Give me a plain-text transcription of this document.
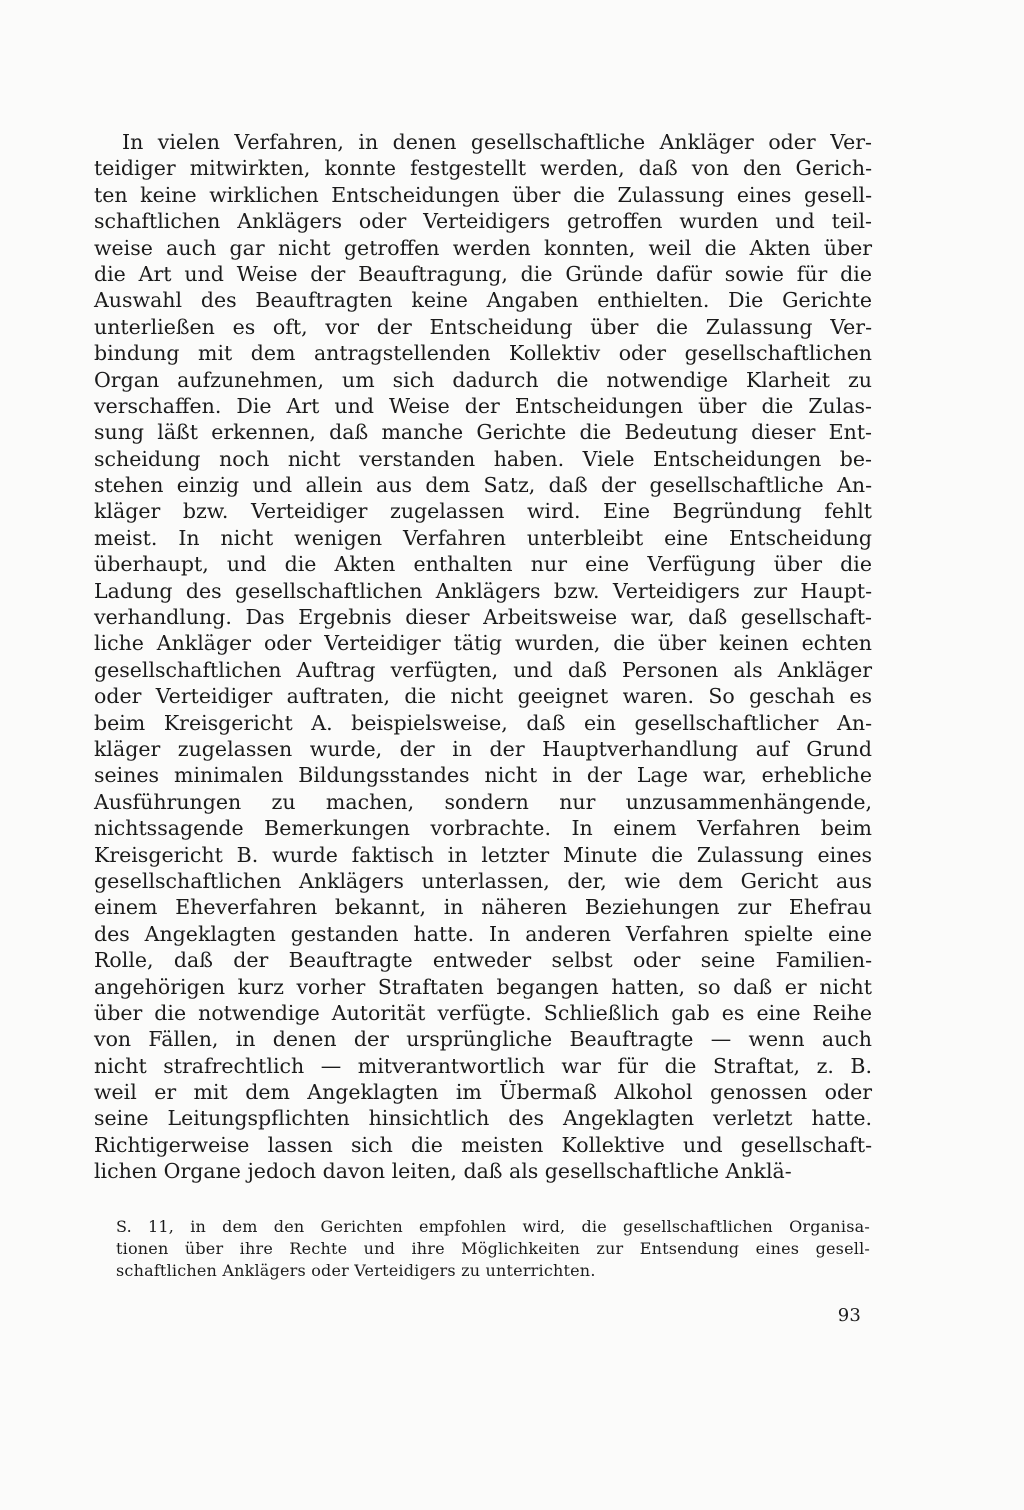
In vielen Verfahren, in denen gesellschaftliche Ankläger oder Ver-
teidiger mitwirkten, konnte festgestellt werden, daß von den Gerich-
ten keine wirklichen Entscheidungen über die Zulassung eines gesell-
schaftlichen Anklägers oder Verteidigers getroffen wurden und teil-
weise auch gar nicht getroffen werden konnten, weil die Akten über
die Art und Weise der Beauftragung, die Gründe dafür sowie für die
Auswahl des Beauftragten keine Angaben enthielten. Die Gerichte
unterließen es oft, vor der Entscheidung über die Zulassung Ver-
bindung mit dem antragstellenden Kollektiv oder gesellschaftlichen
Organ aufzunehmen, um sich dadurch die notwendige Klarheit zu
verschaffen. Die Art und Weise der Entscheidungen über die Zulas-
sung läßt erkennen, daß manche Gerichte die Bedeutung dieser Ent-
scheidung noch nicht verstanden haben. Viele Entscheidungen be-
stehen einzig und allein aus dem Satz, daß der gesellschaftliche An-
kläger bzw. Verteidiger zugelassen wird. Eine Begründung fehlt
meist. In nicht wenigen Verfahren unterbleibt eine Entscheidung
überhaupt, und die Akten enthalten nur eine Verfügung über die
Ladung des gesellschaftlichen Anklägers bzw. Verteidigers zur Haupt-
verhandlung. Das Ergebnis dieser Arbeitsweise war, daß gesellschaft-
liche Ankläger oder Verteidiger tätig wurden, die über keinen echten
gesellschaftlichen Auftrag verfügten, und daß Personen als Ankläger
oder Verteidiger auftraten, die nicht geeignet waren. So geschah es
beim Kreisgericht A. beispielsweise, daß ein gesellschaftlicher An-
kläger zugelassen wurde, der in der Hauptverhandlung auf Grund
seines minimalen Bildungsstandes nicht in der Lage war, erhebliche
Ausführungen zu machen, sondern nur unzusammenhängende,
nichtssagende Bemerkungen vorbrachte. In einem Verfahren beim
Kreisgericht B. wurde faktisch in letzter Minute die Zulassung eines
gesellschaftlichen Anklägers unterlassen, der, wie dem Gericht aus
einem Eheverfahren bekannt, in näheren Beziehungen zur Ehefrau
des Angeklagten gestanden hatte. In anderen Verfahren spielte eine
Rolle, daß der Beauftragte entweder selbst oder seine Familien-
angehörigen kurz vorher Straftaten begangen hatten, so daß er nicht
über die notwendige Autorität verfügte. Schließlich gab es eine Reihe
von Fällen, in denen der ursprüngliche Beauftragte — wenn auch
nicht strafrechtlich — mitverantwortlich war für die Straftat, z. B.
weil er mit dem Angeklagten im Übermaß Alkohol genossen oder
seine Leitungspflichten hinsichtlich des Angeklagten verletzt hatte.
Richtigerweise lassen sich die meisten Kollektive und gesellschaft-
lichen Organe jedoch davon leiten, daß als gesellschaftliche Anklä-
S. 11, in dem den Gerichten empfohlen wird, die gesellschaftlichen Organisa-
tionen über ihre Rechte und ihre Möglichkeiten zur Entsendung eines gesell-
schaftlichen Anklägers oder Verteidigers zu unterrichten.
93
